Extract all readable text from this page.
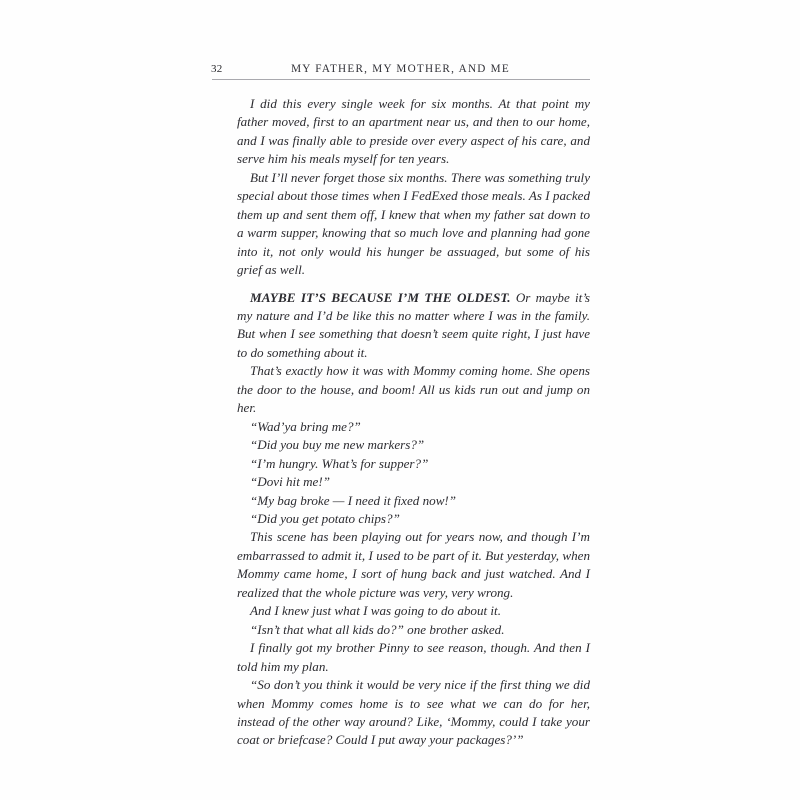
32	MY FATHER, MY MOTHER, AND ME

I did this every single week for six months. At that point my father moved, first to an apartment near us, and then to our home, and I was finally able to preside over every aspect of his care, and serve him his meals myself for ten years.

But I’ll never forget those six months. There was something truly special about those times when I FedExed those meals. As I packed them up and sent them off, I knew that when my father sat down to a warm supper, knowing that so much love and planning had gone into it, not only would his hunger be assuaged, but some of his grief as well.

MAYBE IT’S BECAUSE I’M THE OLDEST. Or maybe it’s my nature and I’d be like this no matter where I was in the family. But when I see something that doesn’t seem quite right, I just have to do something about it.

That’s exactly how it was with Mommy coming home. She opens the door to the house, and boom! All us kids run out and jump on her.

“Wad’ya bring me?”

“Did you buy me new markers?”

“I’m hungry. What’s for supper?”

“Dovi hit me!”

“My bag broke — I need it fixed now!”

“Did you get potato chips?”

This scene has been playing out for years now, and though I’m embarrassed to admit it, I used to be part of it. But yesterday, when Mommy came home, I sort of hung back and just watched. And I realized that the whole picture was very, very wrong.

And I knew just what I was going to do about it.

“Isn’t that what all kids do?” one brother asked.

I finally got my brother Pinny to see reason, though. And then I told him my plan.

“So don’t you think it would be very nice if the first thing we did when Mommy comes home is to see what we can do for her, instead of the other way around? Like, ‘Mommy, could I take your coat or briefcase? Could I put away your packages?’”
